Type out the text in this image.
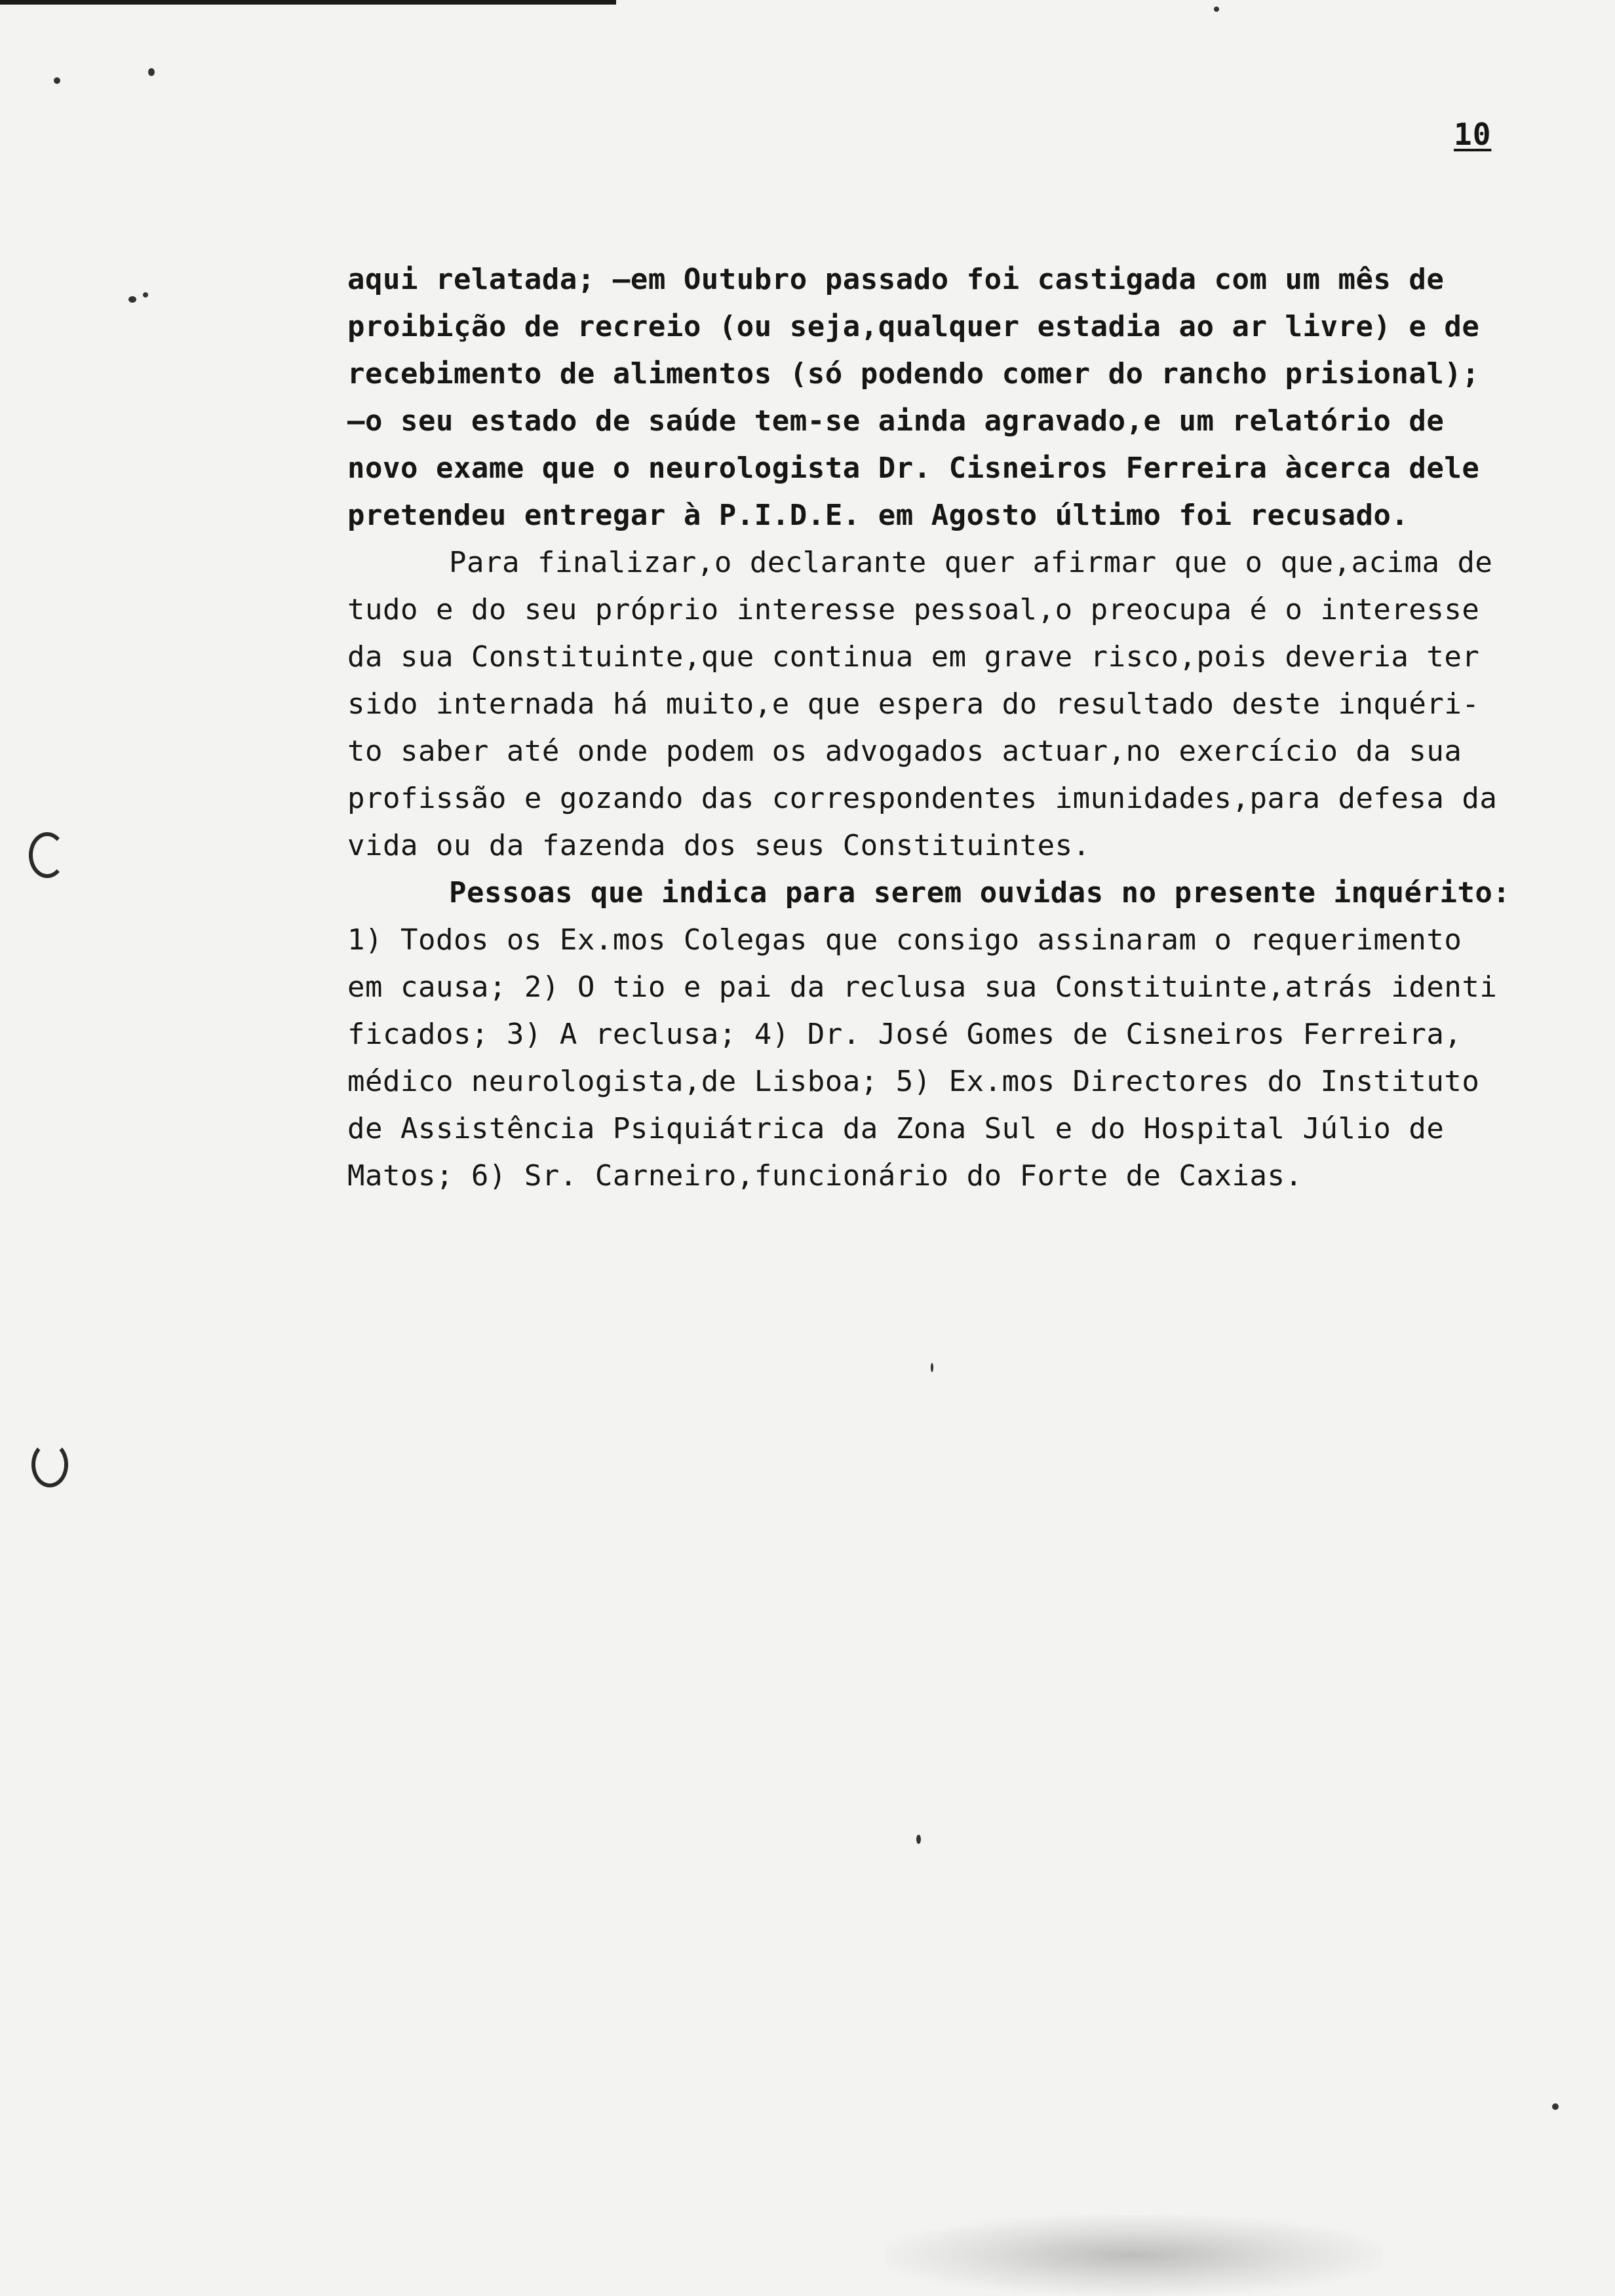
10
aqui relatada; —em Outubro passado foi castigada com um mês de
proibição de recreio (ou seja,qualquer estadia ao ar livre) e de
recebimento de alimentos (só podendo comer do rancho prisional);
—o seu estado de saúde tem-se ainda agravado,e um relatório de
novo exame que o neurologista Dr. Cisneiros Ferreira àcerca dele
pretendeu entregar à P.I.D.E. em Agosto último foi recusado.
Para finalizar,o declarante quer afirmar que o que,acima de
tudo e do seu próprio interesse pessoal,o preocupa é o interesse
da sua Constituinte,que continua em grave risco,pois deveria ter
sido internada há muito,e que espera do resultado deste inquéri-
to saber até onde podem os advogados actuar,no exercício da sua
profissão e gozando das correspondentes imunidades,para defesa da
vida ou da fazenda dos seus Constituintes.
Pessoas que indica para serem ouvidas no presente inquérito:
1) Todos os Ex.mos Colegas que consigo assinaram o requerimento
em causa; 2) O tio e pai da reclusa sua Constituinte,atrás identi
ficados; 3) A reclusa; 4) Dr. José Gomes de Cisneiros Ferreira,
médico neurologista,de Lisboa; 5) Ex.mos Directores do Instituto
de Assistência Psiquiátrica da Zona Sul e do Hospital Júlio de
Matos; 6) Sr. Carneiro,funcionário do Forte de Caxias.
